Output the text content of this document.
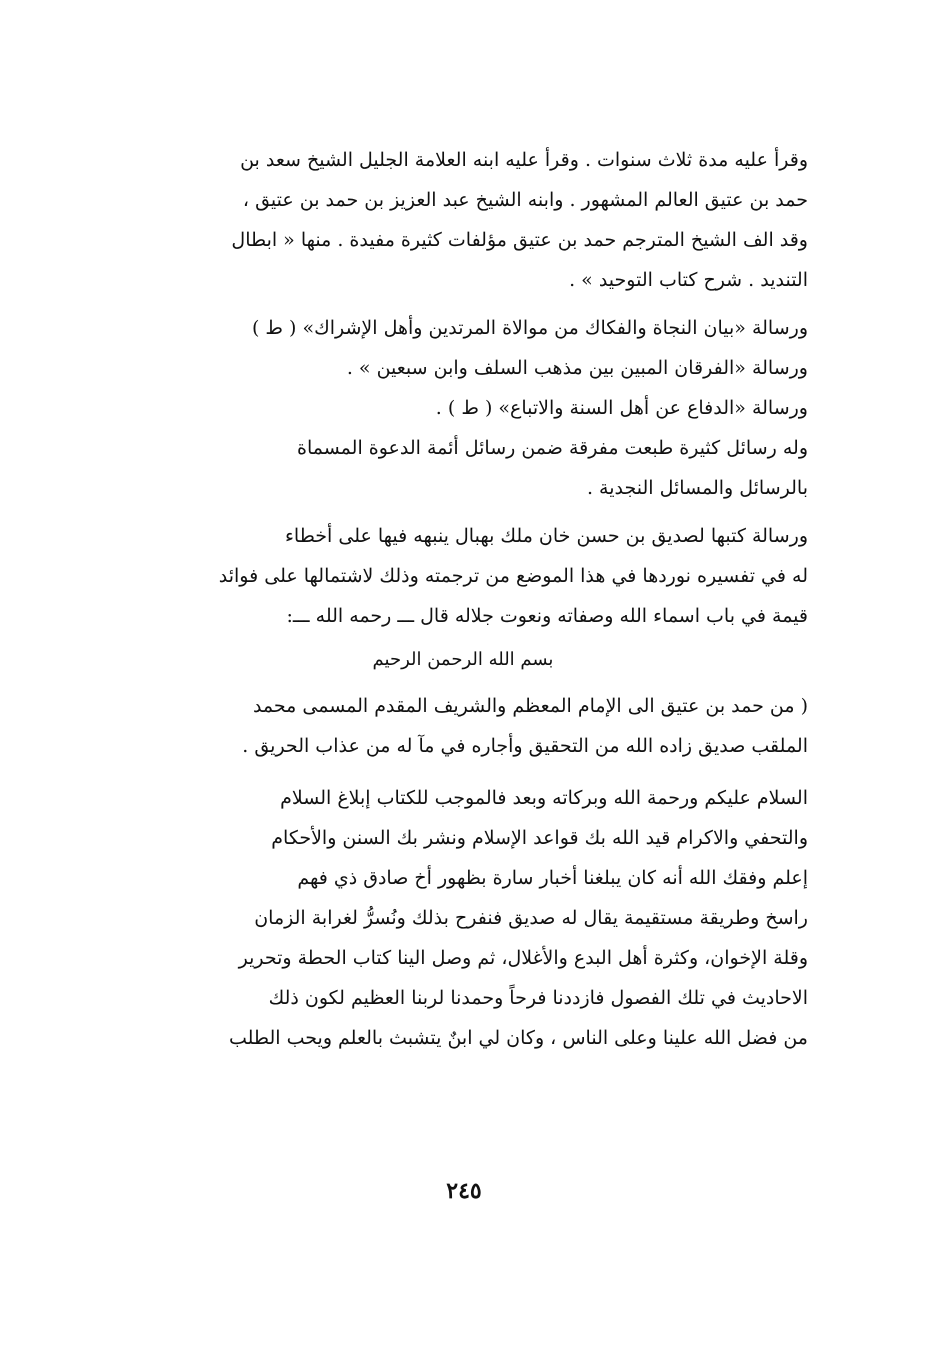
وقرأ عليه مدة ثلاث سنوات . وقرأ عليه ابنه العلامة الجليل الشيخ سعد بن
حمد بن عتيق العالم المشهور . وابنه الشيخ عبد العزيز بن حمد بن عتيق ،
وقد الف الشيخ المترجم حمد بن عتيق مؤلفات كثيرة مفيدة . منها « ابطال
التنديد . شرح كتاب التوحيد » .
ورسالة «بيان النجاة والفكاك من موالاة المرتدين وأهل الإشراك» ( ط )
ورسالة «الفرقان المبين بين مذهب السلف وابن سبعين » .
ورسالة «الدفاع عن أهل السنة والاتباع» ( ط ) .
وله رسائل كثيرة طبعت مفرقة ضمن رسائل أئمة الدعوة المسماة
بالرسائل والمسائل النجدية .
ورسالة كتبها لصديق بن حسن خان ملك بهبال ينبهه فيها على أخطاء
له في تفسيره نوردها في هذا الموضع من ترجمته وذلك لاشتمالها على فوائد
قيمة في باب اسماء الله وصفاته ونعوت جلاله قال ـــ رحمه الله ـــ:
بسم الله الرحمن الرحيم
( من حمد بن عتيق الى الإمام المعظم والشريف المقدم المسمى محمد
الملقب صديق زاده الله من التحقيق وأجاره في مآ له من عذاب الحريق .
السلام عليكم ورحمة الله وبركاته وبعد فالموجب للكتاب إبلاغ السلام
والتحفي والاكرام قيد الله بك قواعد الإسلام ونشر بك السنن والأحكام
إعلم وفقك الله أنه كان يبلغنا أخبار سارة بظهور أخ صادق ذي فهم
راسخ وطريقة مستقيمة يقال له صديق فنفرح بذلك ونُسرُّ لغرابة الزمان
وقلة الإخوان، وكثرة أهل البدع والأغلال، ثم وصل الينا كتاب الحطة وتحرير
الاحاديث في تلك الفصول فازددنا فرحاً وحمدنا لربنا العظيم لكون ذلك
من فضل الله علينا وعلى الناس ، وكان لي ابنٌ يتشبث بالعلم ويحب الطلب
٢٤٥
